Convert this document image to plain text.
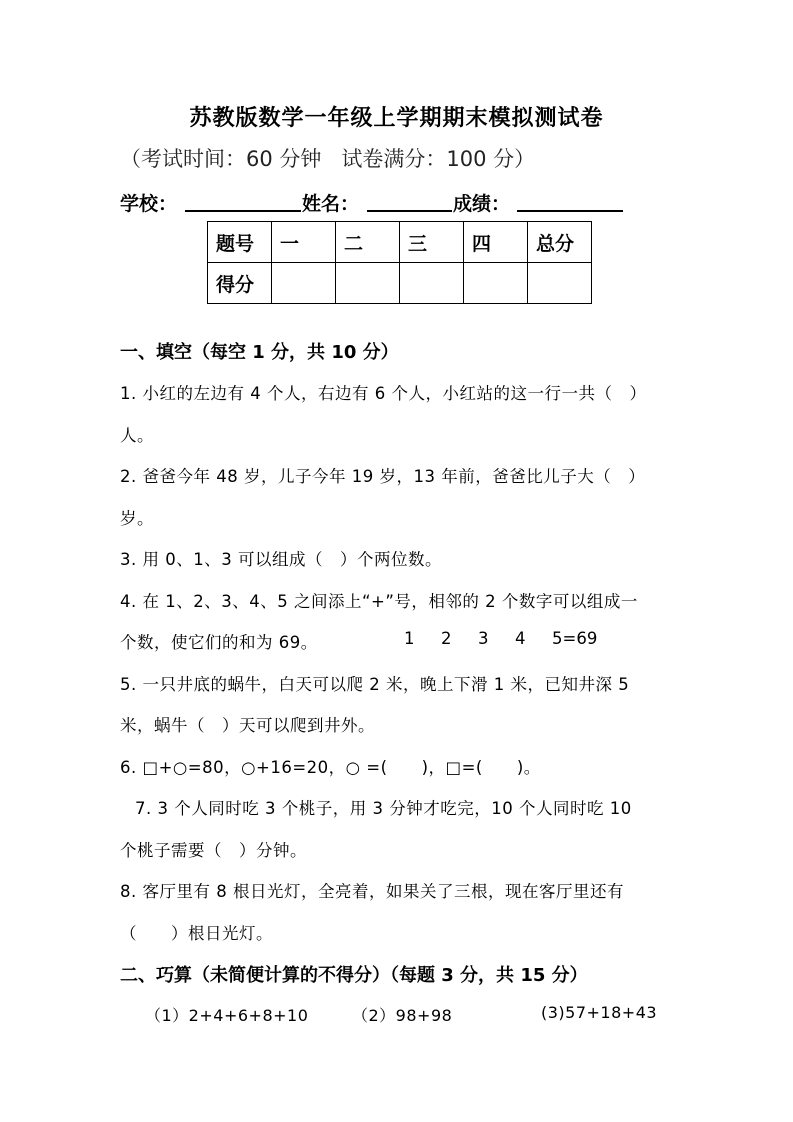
苏教版数学一年级上学期期末模拟测试卷
（考试时间：60 分钟 试卷满分：100 分）
学校：	姓名：	成绩：
题号	一	二	三	四	总分
得分					
一、填空（每空 1 分，共 10 分）
1. 小红的左边有 4 个人，右边有 6 个人，小红站的这一行一共（　）
人。
2. 爸爸今年 48 岁，儿子今年 19 岁，13 年前，爸爸比儿子大（　）
岁。
3. 用 0、1、3 可以组成（　）个两位数。
4. 在 1、2、3、4、5 之间添上“+”号，相邻的 2 个数字可以组成一
个数，使它们的和为 69。	1 2 3 4 5=69
5. 一只井底的蜗牛，白天可以爬 2 米，晚上下滑 1 米，已知井深 5
米，蜗牛（　）天可以爬到井外。
6. □+○=80，○+16=20，○ =(　　)，□=(　　)。
7. 3 个人同时吃 3 个桃子，用 3 分钟才吃完，10 个人同时吃 10
个桃子需要（　）分钟。
8. 客厅里有 8 根日光灯，全亮着，如果关了三根，现在客厅里还有
（　　）根日光灯。
二、巧算（未简便计算的不得分）（每题 3 分，共 15 分）
（1）2+4+6+8+10	（2）98+98	(3)57+18+43
